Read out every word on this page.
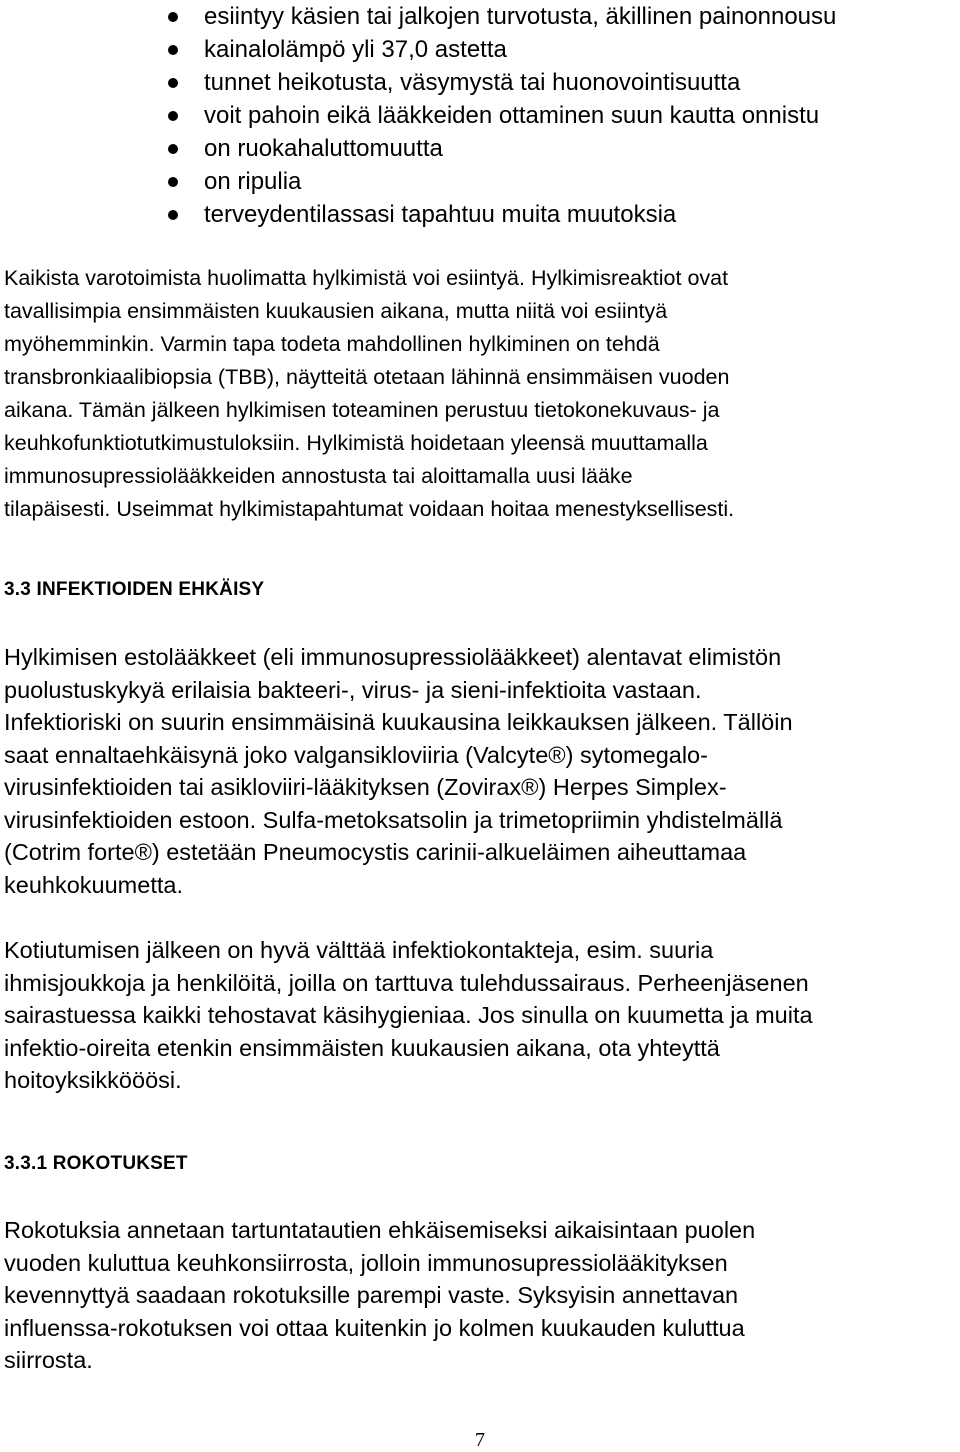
esiintyy käsien tai jalkojen turvotusta, äkillinen painonnousu
kainalolämpö yli 37,0 astetta
tunnet heikotusta, väsymystä tai huonovointisuutta
voit pahoin eikä lääkkeiden ottaminen suun kautta onnistu
on ruokahaluttomuutta
on ripulia
terveydentilassasi tapahtuu muita muutoksia

Kaikista varotoimista huolimatta hylkimistä voi esiintyä. Hylkimisreaktiot ovat
tavallisimpia ensimmäisten kuukausien aikana, mutta niitä voi esiintyä
myöhemminkin. Varmin tapa todeta mahdollinen hylkiminen on tehdä
transbronkiaalibiopsia (TBB), näytteitä otetaan lähinnä ensimmäisen vuoden
aikana. Tämän jälkeen hylkimisen toteaminen perustuu tietokonekuvaus- ja
keuhkofunktiotutkimustuloksiin. Hylkimistä hoidetaan yleensä muuttamalla
immunosupressiolääkkeiden annostusta tai aloittamalla uusi lääke
tilapäisesti. Useimmat hylkimistapahtumat voidaan hoitaa menestyksellisesti.

3.3 INFEKTIOIDEN EHKÄISY

Hylkimisen estolääkkeet (eli immunosupressiolääkkeet) alentavat elimistön
puolustuskykyä erilaisia bakteeri-, virus- ja sieni-infektioita vastaan.
Infektioriski on suurin ensimmäisinä kuukausina leikkauksen jälkeen. Tällöin
saat ennaltaehkäisynä joko valgansikloviiria (Valcyte®) sytomegalo-
virusinfektioiden tai asikloviiri-lääkityksen (Zovirax®) Herpes Simplex-
virusinfektioiden estoon. Sulfa-metoksatsolin ja trimetopriimin yhdistelmällä
(Cotrim forte®) estetään Pneumocystis carinii-alkueläimen aiheuttamaa
keuhkokuumetta.

Kotiutumisen jälkeen on hyvä välttää infektiokontakteja, esim. suuria
ihmisjoukkoja ja henkilöitä, joilla on tarttuva tulehdussairaus. Perheenjäsenen
sairastuessa kaikki tehostavat käsihygieniaa. Jos sinulla on kuumetta ja muita
infektio-oireita etenkin ensimmäisten kuukausien aikana, ota yhteyttä
hoitoyksikkööösi.

3.3.1 ROKOTUKSET

Rokotuksia annetaan tartuntatautien ehkäisemiseksi aikaisintaan puolen
vuoden kuluttua keuhkonsiirrosta, jolloin immunosupressiolääkityksen
kevennyttyä saadaan rokotuksille parempi vaste. Syksyisin annettavan
influenssa-rokotuksen voi ottaa kuitenkin jo kolmen kuukauden kuluttua
siirrosta.

7
